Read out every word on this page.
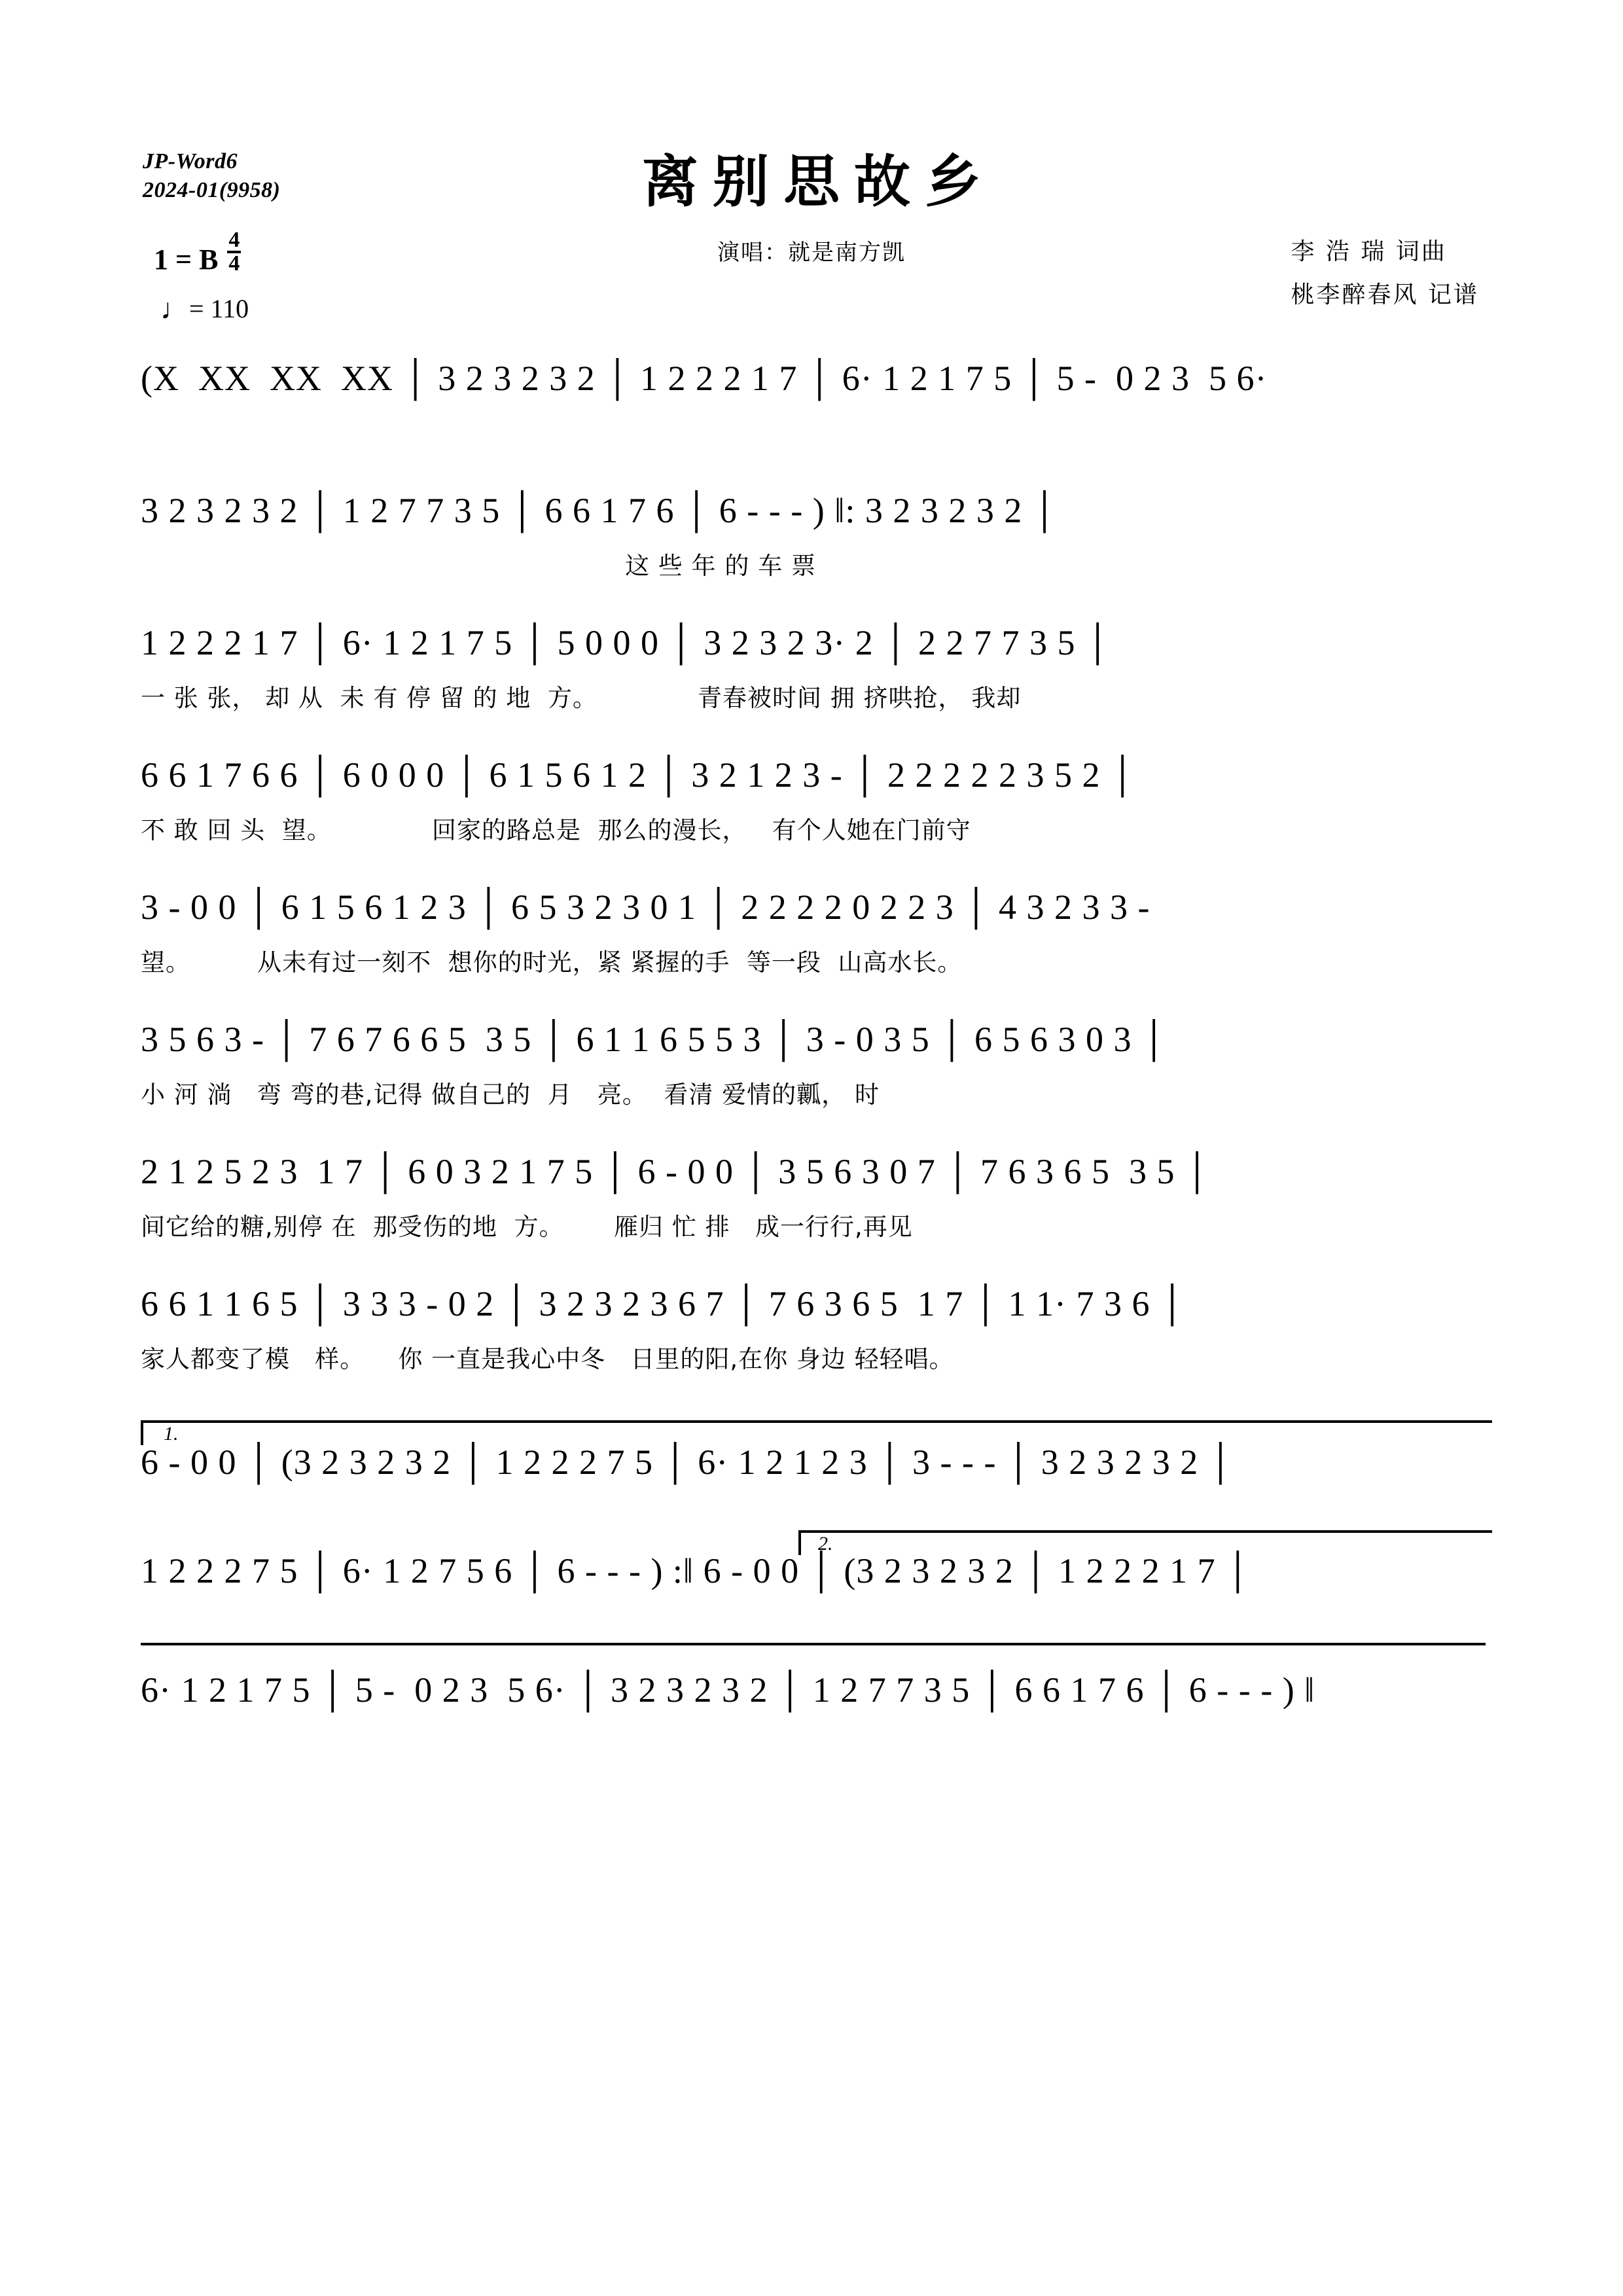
JP-Word6
2024-01(9958)	离别思故乡
演唱：就是南方凯	李 浩 瑞 词曲
桃李醉春风 记谱
1 = B $\frac{4}{4}$
♩= 110
(X  XX  XX  XX │ 3 2 3 2 3 2 │ 1 2 2 2 1 7 │ 6· 1 2 1 7 5 │ 5 -  0 2 3  5 6·
3 2 3 2 3 2 │ 1 2 7 7 3 5 │ 6 6 1 7 6 │ 6 - - - ) ‖: 3 2 3 2 3 2 │
这 些 年 的 车 票
1 2 2 2 1 7 │ 6· 1 2 1 7 5 │ 5 0 0 0 │ 3 2 3 2 3· 2 │ 2 2 7 7 3 5 │
一 张 张， 却 从  未 有 停 留 的 地  方。            青春被时间 拥 挤哄抢， 我却
6 6 1 7 6 6 │ 6 0 0 0 │ 6 1 5 6 1 2 │ 3 2 1 2 3 - │ 2 2 2 2 2 3 5 2 │
不 敢 回 头  望。            回家的路总是  那么的漫长，   有个人她在门前守
3 - 0 0 │ 6 1 5 6 1 2 3 │ 6 5 3 2 3 0 1 │ 2 2 2 2 0 2 2 3 │ 4 3 2 3 3 -
望。        从未有过一刻不  想你的时光，紧 紧握的手  等一段  山高水长。
3 5 6 3 - │ 7 6 7 6 6 5  3 5 │ 6 1 1 6 5 5 3 │ 3 - 0 3 5 │ 6 5 6 3 0 3 │
小 河 淌   弯 弯的巷,记得 做自己的  月   亮。  看清 爱情的瓤， 时
2 1 2 5 2 3  1 7 │ 6 0 3 2 1 7 5 │ 6 - 0 0 │ 3 5 6 3 0 7 │ 7 6 3 6 5  3 5 │
间它给的糖,别停 在  那受伤的地  方。      雁归 忙 排   成一行行,再见
6 6 1 1 6 5 │ 3 3 3 - 0 2 │ 3 2 3 2 3 6 7 │ 7 6 3 6 5  1 7 │ 1 1· 7 3 6 │
家人都变了模   样。    你 一直是我心中冬   日里的阳,在你 身边 轻轻唱。
1.
6 - 0 0 │ (3 2 3 2 3 2 │ 1 2 2 2 7 5 │ 6· 1 2 1 2 3 │ 3 - - - │ 3 2 3 2 3 2 │
2.
1 2 2 2 7 5 │ 6· 1 2 7 5 6 │ 6 - - - ) :‖ 6 - 0 0 │ (3 2 3 2 3 2 │ 1 2 2 2 1 7 │
6· 1 2 1 7 5 │ 5 -  0 2 3  5 6· │ 3 2 3 2 3 2 │ 1 2 7 7 3 5 │ 6 6 1 7 6 │ 6 - - - ) ‖
